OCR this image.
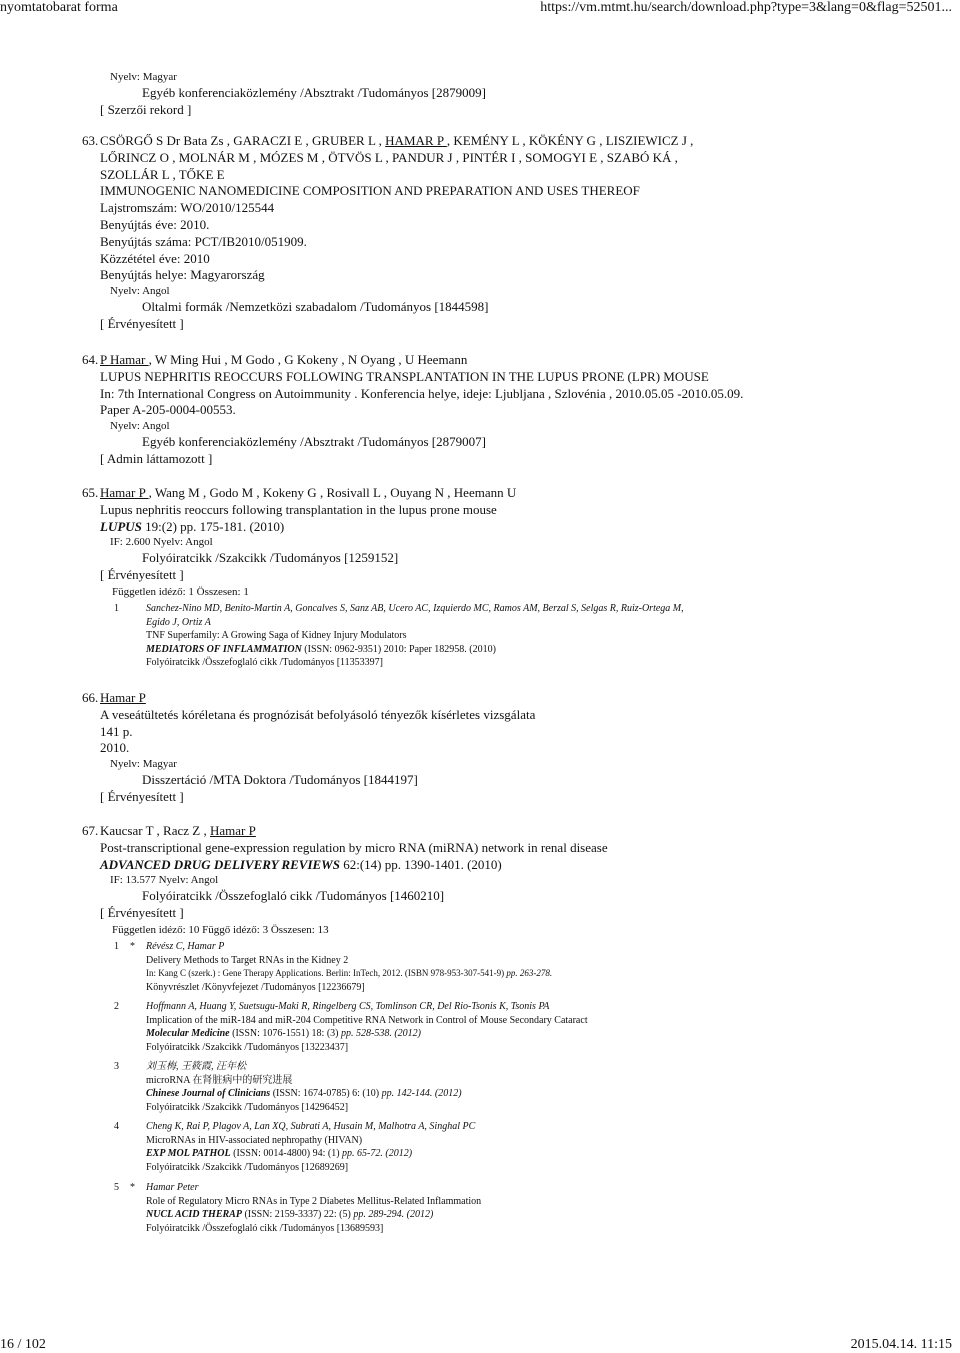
nyomtatobarat forma	https://vm.mtmt.hu/search/download.php?type=3&lang=0&flag=52501...
Nyelv: Magyar
Egyéb konferenciaközlemény /Absztrakt /Tudományos [2879009]
[ Szerzői rekord ]
63. CSÖRGŐ S Dr Bata Zs , GARACZI E , GRUBER L , HAMAR P , KEMÉNY L , KÖKÉNY G , LISZIEWICZ J ,
LŐRINCZ O , MOLNÁR M , MÓZES M , ÖTVÖS L , PANDUR J , PINTÉR I , SOMOGYI E , SZABÓ KÁ ,
SZOLLÁR L , TŐKE E
IMMUNOGENIC NANOMEDICINE COMPOSITION AND PREPARATION AND USES THEREOF
Lajstromszám: WO/2010/125544
Benyújtás éve: 2010.
Benyújtás száma: PCT/IB2010/051909.
Közzététel éve: 2010
Benyújtás helye: Magyarország
Nyelv: Angol
Oltalmi formák /Nemzetközi szabadalom /Tudományos [1844598]
[ Érvényesített ]
64. P Hamar , W Ming Hui , M Godo , G Kokeny , N Oyang , U Heemann
LUPUS NEPHRITIS REOCCURS FOLLOWING TRANSPLANTATION IN THE LUPUS PRONE (LPR) MOUSE
In: 7th International Congress on Autoimmunity . Konferencia helye, ideje: Ljubljana , Szlovénia , 2010.05.05 -2010.05.09.
Paper A-205-0004-00553.
Nyelv: Angol
Egyéb konferenciaközlemény /Absztrakt /Tudományos [2879007]
[ Admin láttamozott ]
65. Hamar P , Wang M , Godo M , Kokeny G , Rosivall L , Ouyang N , Heemann U
Lupus nephritis reoccurs following transplantation in the lupus prone mouse
LUPUS 19:(2) pp. 175-181. (2010)
IF: 2.600 Nyelv: Angol
Folyóiratcikk /Szakcikk /Tudományos [1259152]
[ Érvényesített ]
Független idéző: 1 Összesen: 1
1	Sanchez-Nino MD, Benito-Martin A, Goncalves S, Sanz AB, Ucero AC, Izquierdo MC, Ramos AM, Berzal S, Selgas R, Ruiz-Ortega M,
Egido J, Ortiz A
TNF Superfamily: A Growing Saga of Kidney Injury Modulators
MEDIATORS OF INFLAMMATION (ISSN: 0962-9351) 2010: Paper 182958. (2010)
Folyóiratcikk /Összefoglaló cikk /Tudományos [11353397]
66. Hamar P
A veseátültetés kóréletana és prognózisát befolyásoló tényezők kísérletes vizsgálata
141 p.
2010.
Nyelv: Magyar
Disszertáció /MTA Doktora /Tudományos [1844197]
[ Érvényesített ]
67. Kaucsar T , Racz Z , Hamar P
Post-transcriptional gene-expression regulation by micro RNA (miRNA) network in renal disease
ADVANCED DRUG DELIVERY REVIEWS 62:(14) pp. 1390-1401. (2010)
IF: 13.577 Nyelv: Angol
Folyóiratcikk /Összefoglaló cikk /Tudományos [1460210]
[ Érvényesített ]
Független idéző: 10 Függő idéző: 3 Összesen: 13
1 * Révész C, Hamar P
Delivery Methods to Target RNAs in the Kidney 2
In: Kang C (szerk.) : Gene Therapy Applications. Berlin: InTech, 2012. (ISBN 978-953-307-541-9) pp. 263-278.
Könyvrészlet /Könyvfejezet /Tudományos [12236679]
2	Hoffmann A, Huang Y, Suetsugu-Maki R, Ringelberg CS, Tomlinson CR, Del Rio-Tsonis K, Tsonis PA
Implication of the miR-184 and miR-204 Competitive RNA Network in Control of Mouse Secondary Cataract
Molecular Medicine (ISSN: 1076-1551) 18: (3) pp. 528-538. (2012)
Folyóiratcikk /Szakcikk /Tudományos [13223437]
3	刘玉梅, 王筱霞, 汪年松
microRNA 在肾脏病中的研究进展
Chinese Journal of Clinicians (ISSN: 1674-0785) 6: (10) pp. 142-144. (2012)
Folyóiratcikk /Szakcikk /Tudományos [14296452]
4	Cheng K, Rai P, Plagov A, Lan XQ, Subrati A, Husain M, Malhotra A, Singhal PC
MicroRNAs in HIV-associated nephropathy (HIVAN)
EXP MOL PATHOL (ISSN: 0014-4800) 94: (1) pp. 65-72. (2012)
Folyóiratcikk /Szakcikk /Tudományos [12689269]
5 * Hamar Peter
Role of Regulatory Micro RNAs in Type 2 Diabetes Mellitus-Related Inflammation
NUCL ACID THERAP (ISSN: 2159-3337) 22: (5) pp. 289-294. (2012)
Folyóiratcikk /Összefoglaló cikk /Tudományos [13689593]
16 / 102	2015.04.14. 11:15
